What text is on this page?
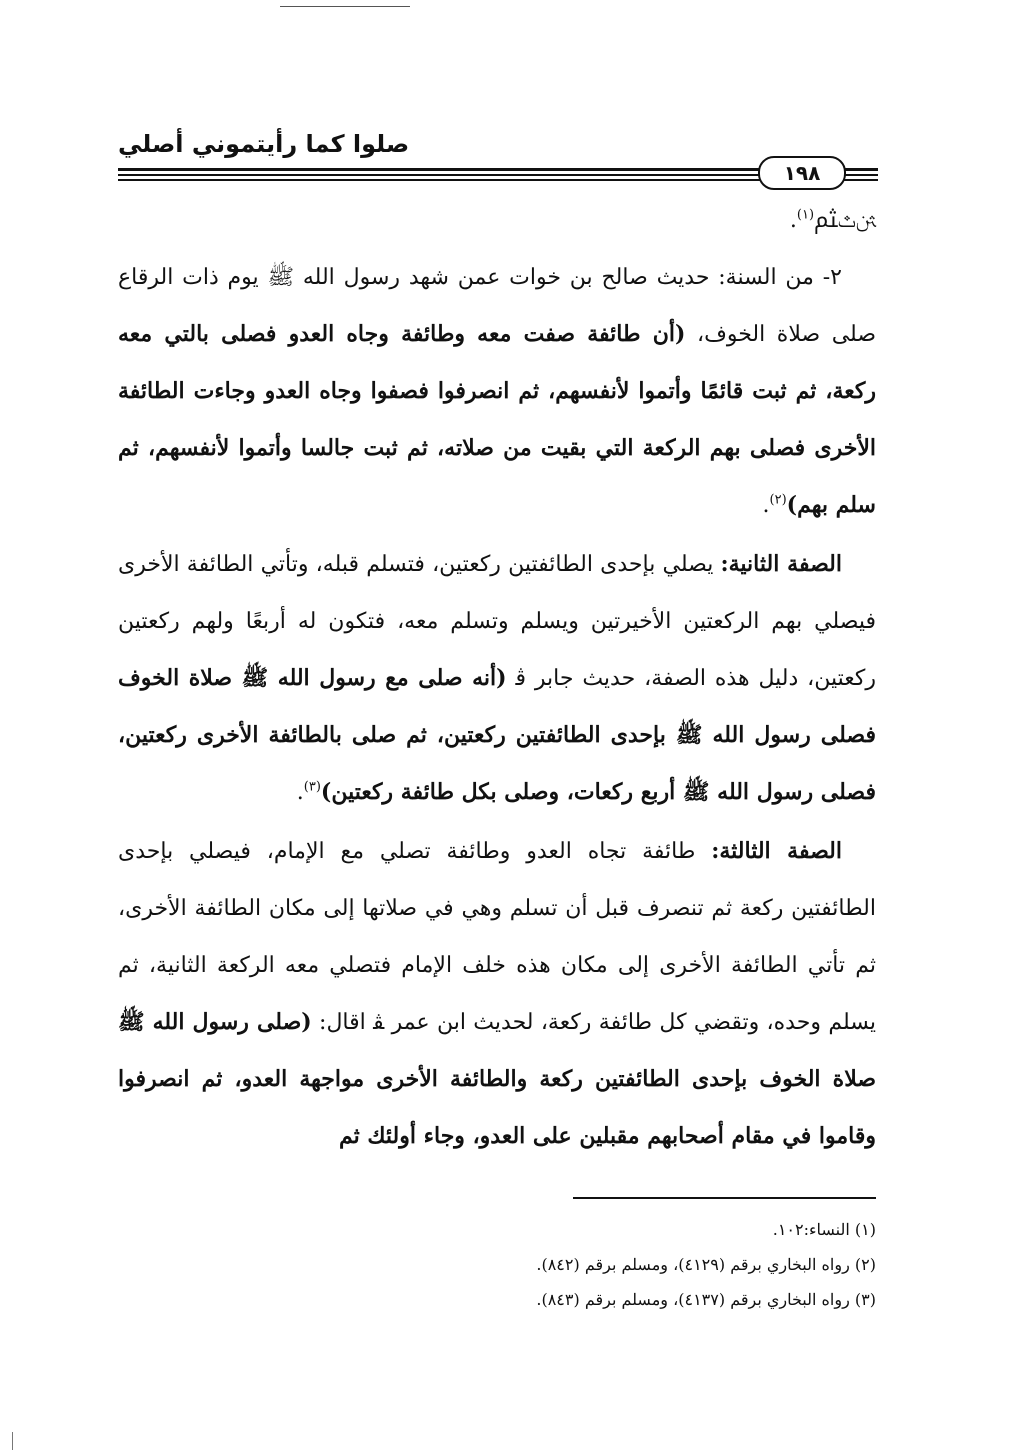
صلوا كما رأيتموني أصلي
١٩٨

ﱹﭢﱸ$^{(١)}$.

٢- من السنة: حديث صالح بن خوات عمن شهد رسول الله ﷺ يوم ذات الرقاع صلى صلاة الخوف، (أن طائفة صفت معه وطائفة وجاه العدو فصلى بالتي معه ركعة، ثم ثبت قائمًا وأتموا لأنفسهم، ثم انصرفوا فصفوا وجاه العدو وجاءت الطائفة الأخرى فصلى بهم الركعة التي بقيت من صلاته، ثم ثبت جالسا وأتموا لأنفسهم، ثم سلم بهم)$^{(٢)}$.

الصفة الثانية: يصلي بإحدى الطائفتين ركعتين، فتسلم قبله، وتأتي الطائفة الأخرى فيصلي بهم الركعتين الأخيرتين ويسلم وتسلم معه، فتكون له أربعًا ولهم ركعتين ركعتين، دليل هذه الصفة، حديث جابر ﭬ (أنه صلى مع رسول الله ﷺ صلاة الخوف فصلى رسول الله ﷺ بإحدى الطائفتين ركعتين، ثم صلى بالطائفة الأخرى ركعتين، فصلى رسول الله ﷺ أربع ركعات، وصلى بكل طائفة ركعتين)$^{(٣)}$.

الصفة الثالثة: طائفة تجاه العدو وطائفة تصلي مع الإمام، فيصلي بإحدى الطائفتين ركعة ثم تنصرف قبل أن تسلم وهي في صلاتها إلى مكان الطائفة الأخرى، ثم تأتي الطائفة الأخرى إلى مكان هذه خلف الإمام فتصلي معه الركعة الثانية، ثم يسلم وحده، وتقضي كل طائفة ركعة، لحديث ابن عمر ﭭ اقال: (صلى رسول الله ﷺ صلاة الخوف بإحدى الطائفتين ركعة والطائفة الأخرى مواجهة العدو، ثم انصرفوا وقاموا في مقام أصحابهم مقبلين على العدو، وجاء أولئك ثم

(١) النساء:١٠٢.
(٢) رواه البخاري برقم (٤١٢٩)، ومسلم برقم (٨٤٢).
(٣) رواه البخاري برقم (٤١٣٧)، ومسلم برقم (٨٤٣).
